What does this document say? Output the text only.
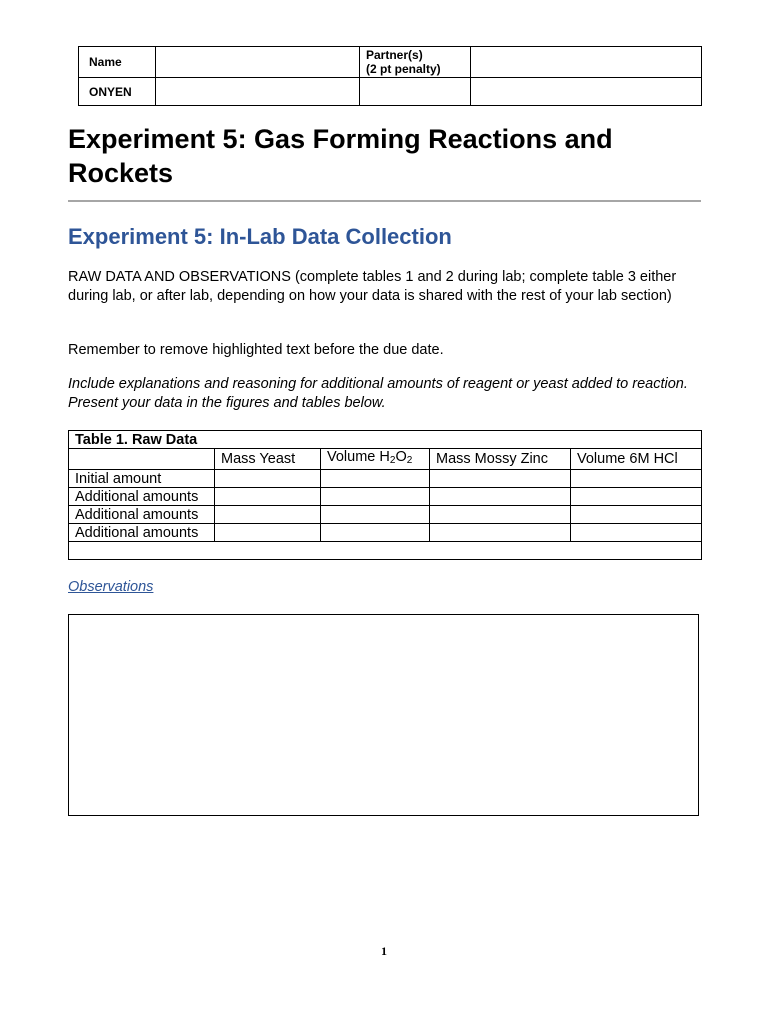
Name		Partner(s)
(2 pt penalty)	
ONYEN			
Experiment 5: Gas Forming Reactions and Rockets
Experiment 5: In-Lab Data Collection

RAW DATA AND OBSERVATIONS (complete tables 1 and 2 during lab; complete table 3 either during lab, or after lab, depending on how your data is shared with the rest of your lab section)

Remember to remove highlighted text before the due date.

Include explanations and reasoning for additional amounts of reagent or yeast added to reaction. Present your data in the figures and tables below.

Table 1. Raw Data				
	Mass Yeast	Volume $H_2O_2$	Mass Mossy Zinc	Volume 6M HCl
Initial amount				
Additional amounts				
Additional amounts				
Additional amounts				

Observations
1
